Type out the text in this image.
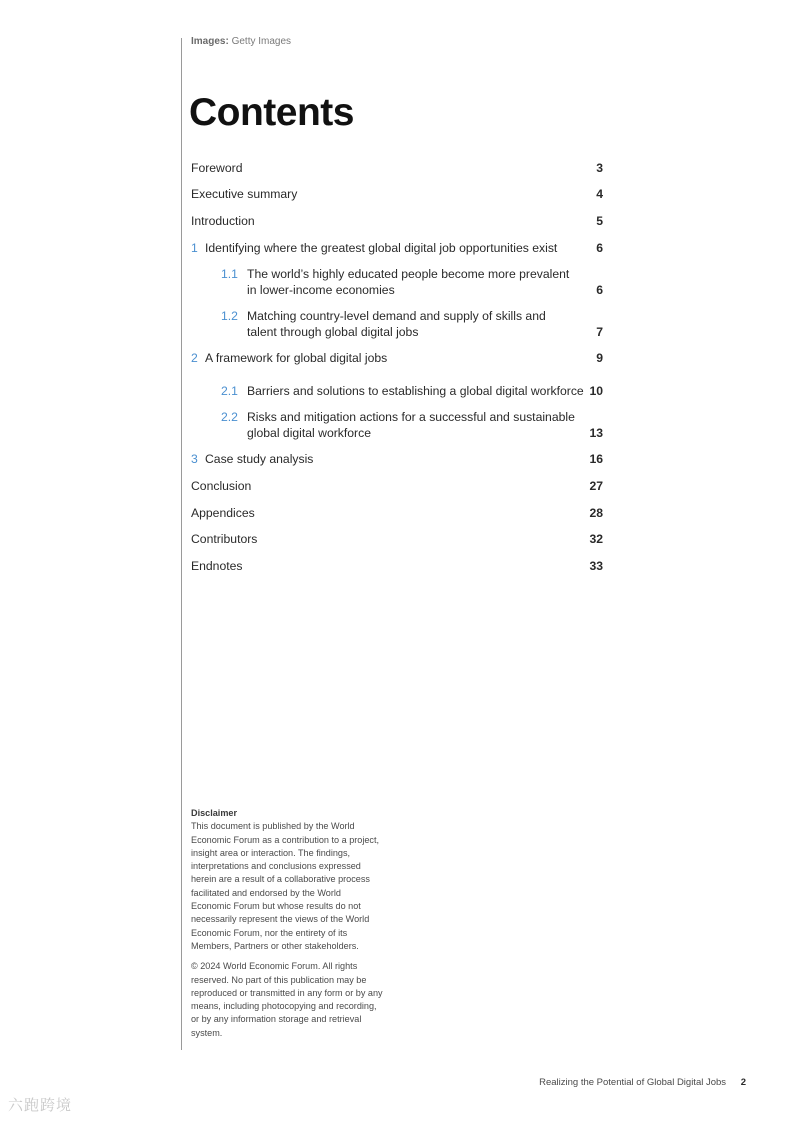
Images: Getty Images
Contents
Foreword	3
Executive summary	4
Introduction	5
1 Identifying where the greatest global digital job opportunities exist	6
1.1 The world’s highly educated people become more prevalent in lower-income economies	6
1.2 Matching country-level demand and supply of skills and talent through global digital jobs	7
2 A framework for global digital jobs	9
2.1 Barriers and solutions to establishing a global digital workforce 10
2.2 Risks and mitigation actions for a successful and sustainable global digital workforce	13
3 Case study analysis	16
Conclusion	27
Appendices	28
Contributors	32
Endnotes	33
Disclaimer

This document is published by the World Economic Forum as a contribution to a project, insight area or interaction. The findings, interpretations and conclusions expressed herein are a result of a collaborative process facilitated and endorsed by the World Economic Forum but whose results do not necessarily represent the views of the World Economic Forum, nor the entirety of its Members, Partners or other stakeholders.

© 2024 World Economic Forum. All rights reserved. No part of this publication may be reproduced or transmitted in any form or by any means, including photocopying and recording, or by any information storage and retrieval system.

Realizing the Potential of Global Digital Jobs 2
六跑跨境
